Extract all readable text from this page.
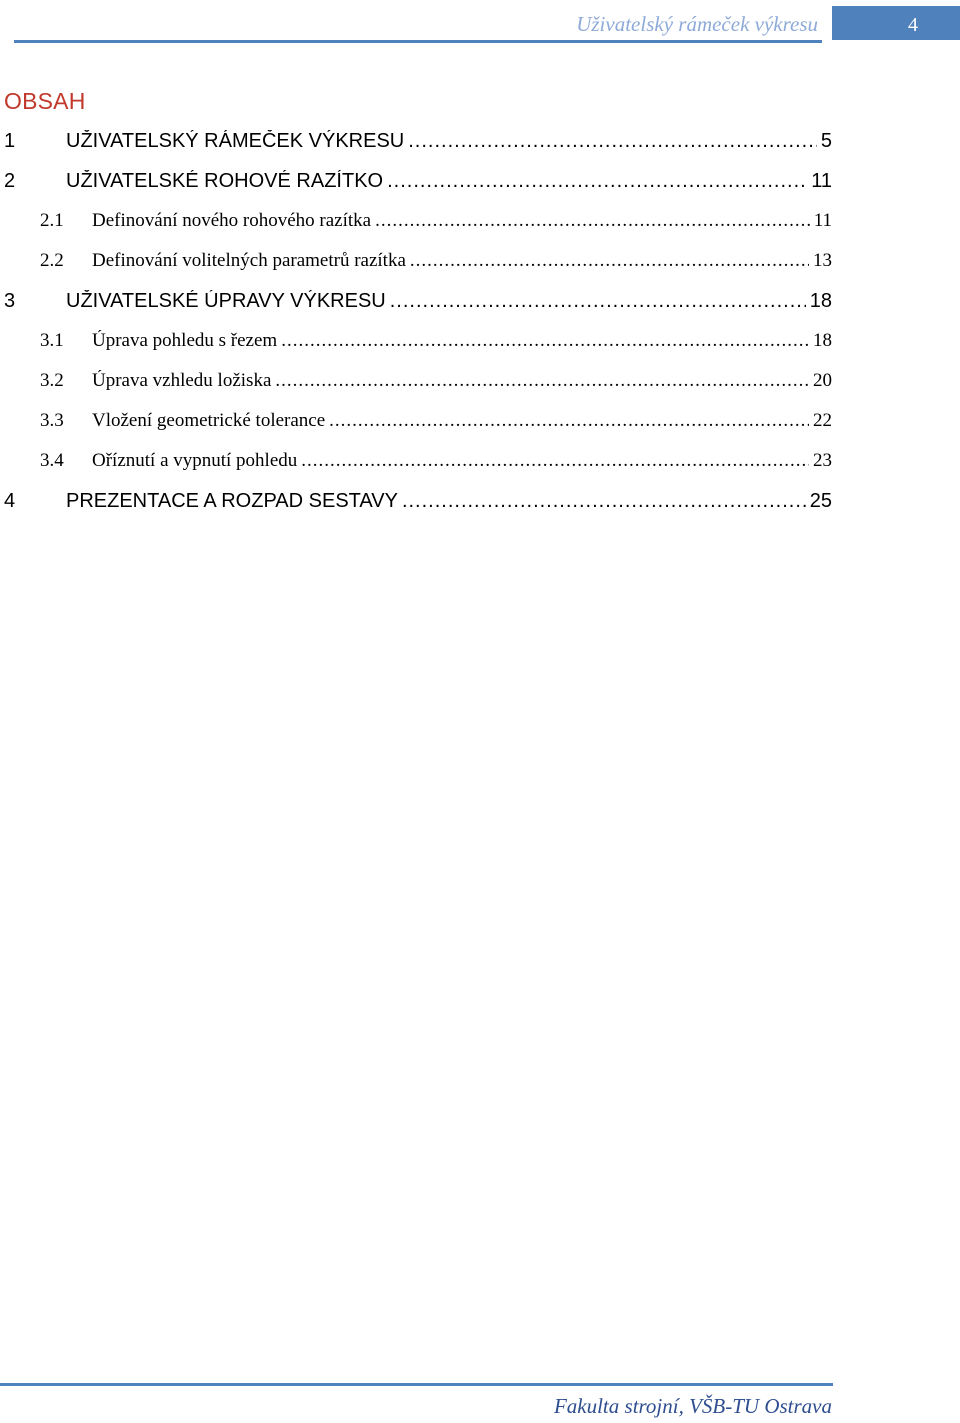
Uživatelský rámeček výkresu	4
OBSAH
1	UŽIVATELSKÝ RÁMEČEK VÝKRESU .....	5
2	UŽIVATELSKÉ ROHOVÉ RAZÍTKO .....	11
2.1	Definování nového rohového razítka .....	11
2.2	Definování volitelných parametrů razítka .....	13
3	UŽIVATELSKÉ ÚPRAVY VÝKRESU .....	18
3.1	Úprava pohledu s řezem .....	18
3.2	Úprava vzhledu ložiska .....	20
3.3	Vložení geometrické tolerance .....	22
3.4	Oříznutí a vypnutí pohledu .....	23
4	PREZENTACE A ROZPAD SESTAVY .....	25
Fakulta strojní, VŠB-TU Ostrava
